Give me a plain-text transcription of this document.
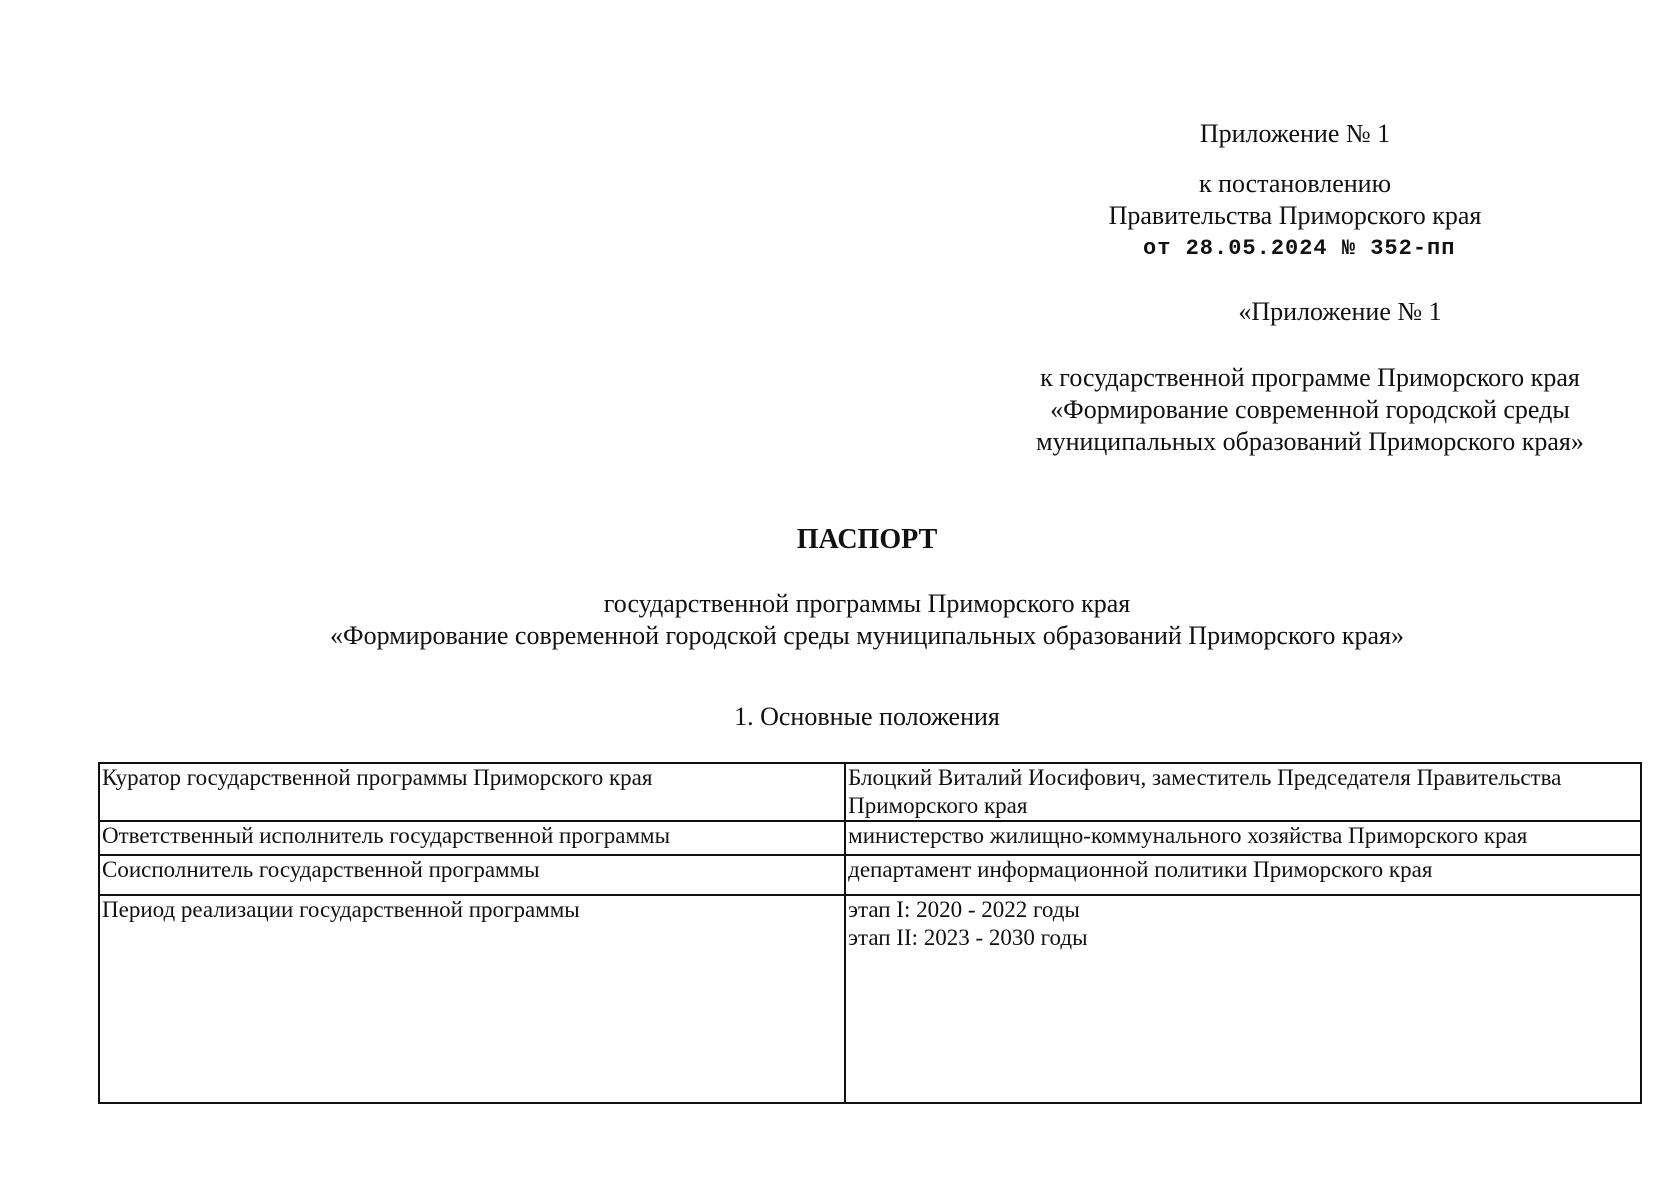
Приложение № 1
к постановлению
Правительства Приморского края
от 28.05.2024 № 352-пп
«Приложение № 1
к государственной программе Приморского края
«Формирование современной городской среды
муниципальных образований Приморского края»
ПАСПОРТ
государственной программы Приморского края
«Формирование современной городской среды муниципальных образований Приморского края»
1. Основные положения
Куратор государственной программы Приморского края	Блоцкий Виталий Иосифович, заместитель Председателя Правительства
Приморского края

Ответственный исполнитель государственной программы	министерство жилищно-коммунального хозяйства Приморского края
Соисполнитель государственной программы	департамент информационной политики Приморского края
Период реализации государственной программы	этап I: 2020 - 2022 годы
этап II: 2023 - 2030 годы
